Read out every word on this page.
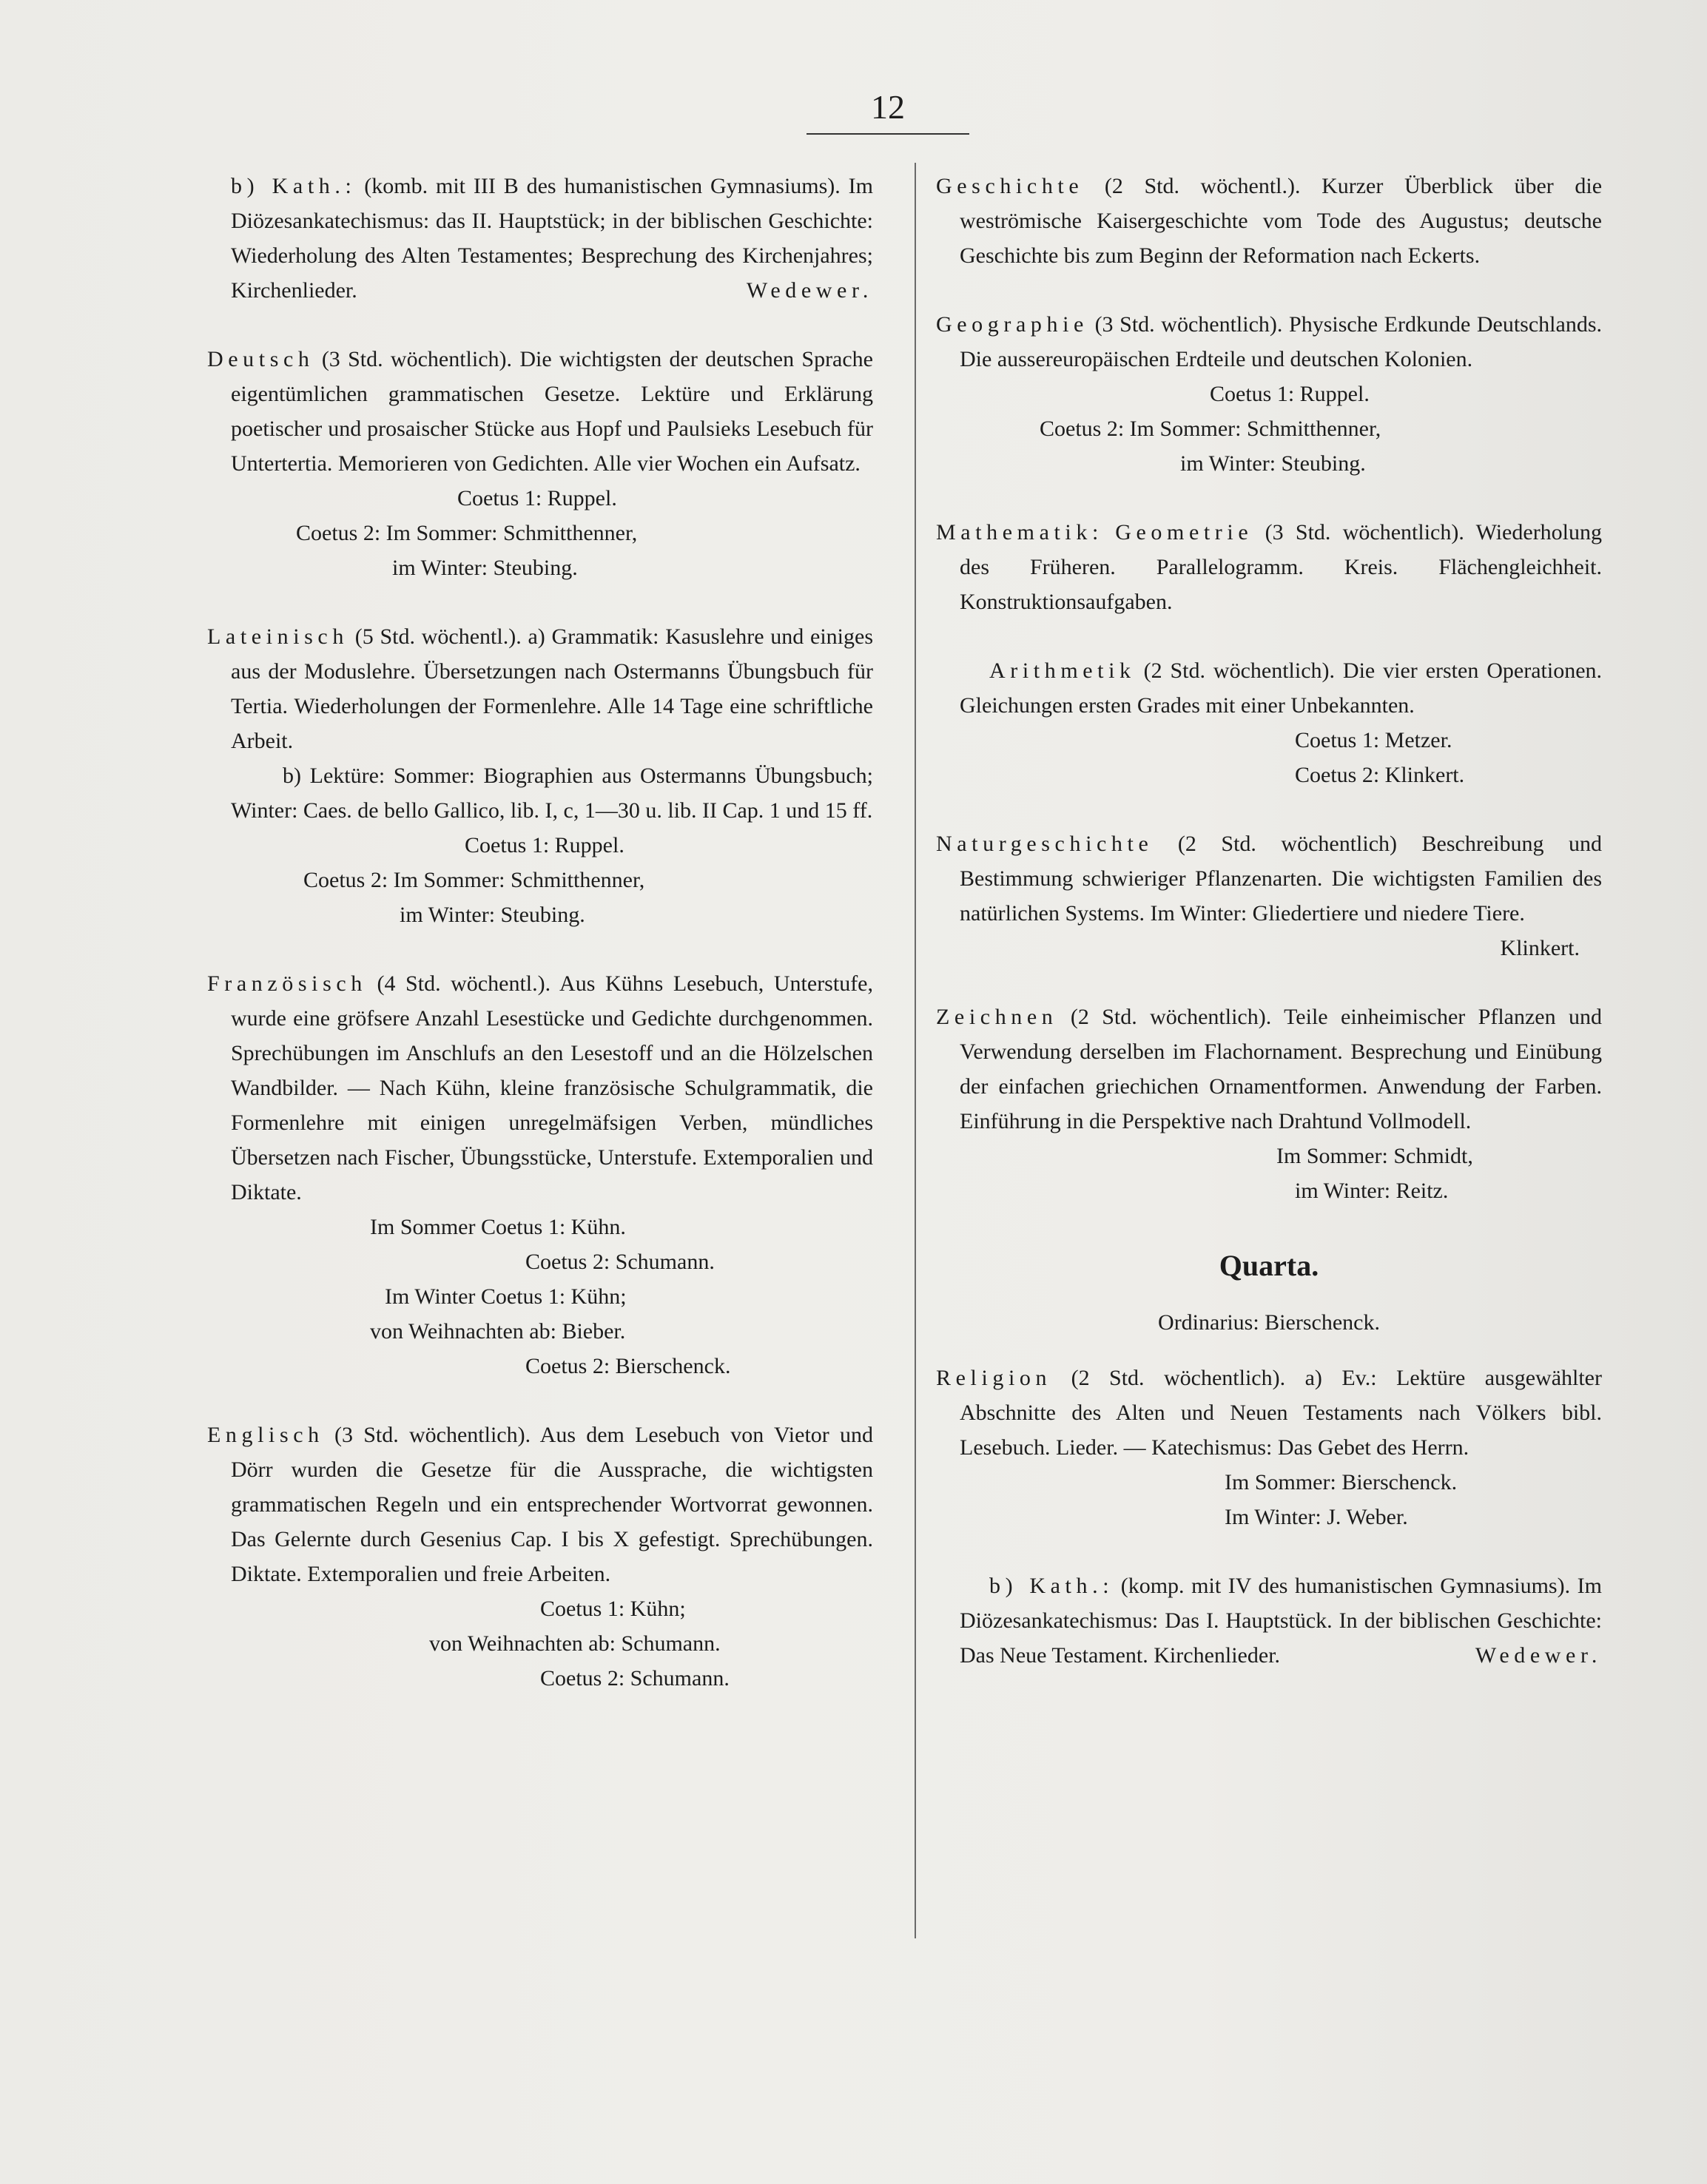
12
b) Kath.: (komb. mit III B des humanistischen Gymnasiums). Im Diözesankatechismus: das II. Hauptstück; in der biblischen Geschichte: Wiederholung des Alten Testamentes; Besprechung des Kirchenjahres; Kirchenlieder.	Wedewer.
Deutsch (3 Std. wöchentlich). Die wichtigsten der deutschen Sprache eigentümlichen grammatischen Gesetze. Lektüre und Erklärung poetischer und prosaischer Stücke aus Hopf und Paulsieks Lesebuch für Untertertia. Memorieren von Gedichten. Alle vier Wochen ein Aufsatz.
Coetus 1: Ruppel.
Coetus 2: Im Sommer: Schmitthenner,
im Winter: Steubing.
Lateinisch (5 Std. wöchentl.). a) Grammatik: Kasuslehre und einiges aus der Moduslehre. Übersetzungen nach Ostermanns Übungsbuch für Tertia. Wiederholungen der Formenlehre. Alle 14 Tage eine schriftliche Arbeit.
b) Lektüre: Sommer: Biographien aus Ostermanns Übungsbuch; Winter: Caes. de bello Gallico, lib. I, c, 1—30 u. lib. II Cap. 1 und 15 ff.
Coetus 1: Ruppel.
Coetus 2: Im Sommer: Schmitthenner,
im Winter: Steubing.
Französisch (4 Std. wöchentl.). Aus Kühns Lesebuch, Unterstufe, wurde eine gröfsere Anzahl Lesestücke und Gedichte durchgenommen. Sprechübungen im Anschlufs an den Lesestoff und an die Hölzelschen Wandbilder. — Nach Kühn, kleine französische Schulgrammatik, die Formenlehre mit einigen unregelmäfsigen Verben, mündliches Übersetzen nach Fischer, Übungsstücke, Unterstufe. Extemporalien und Diktate.
Im Sommer Coetus 1: Kühn.
Coetus 2: Schumann.
Im Winter Coetus 1: Kühn;
von Weihnachten ab: Bieber.
Coetus 2: Bierschenck.
Englisch (3 Std. wöchentlich). Aus dem Lesebuch von Vietor und Dörr wurden die Gesetze für die Aussprache, die wichtigsten grammatischen Regeln und ein entsprechender Wortvorrat gewonnen. Das Gelernte durch Gesenius Cap. I bis X gefestigt. Sprechübungen. Diktate. Extemporalien und freie Arbeiten.
Coetus 1: Kühn;
von Weihnachten ab: Schumann.
Coetus 2: Schumann.
Geschichte (2 Std. wöchentl.). Kurzer Überblick über die weströmische Kaisergeschichte vom Tode des Augustus; deutsche Geschichte bis zum Beginn der Reformation nach Eckerts.
Geographie (3 Std. wöchentlich). Physische Erdkunde Deutschlands. Die aussereuropäischen Erdteile und deutschen Kolonien.
Coetus 1: Ruppel.
Coetus 2: Im Sommer: Schmitthenner,
im Winter: Steubing.
Mathematik: Geometrie (3 Std. wöchentlich). Wiederholung des Früheren. Parallelogramm. Kreis. Flächengleichheit. Konstruktionsaufgaben.
Arithmetik (2 Std. wöchentlich). Die vier ersten Operationen. Gleichungen ersten Grades mit einer Unbekannten.
Coetus 1: Metzer.
Coetus 2: Klinkert.
Naturgeschichte (2 Std. wöchentlich) Beschreibung und Bestimmung schwieriger Pflanzenarten. Die wichtigsten Familien des natürlichen Systems. Im Winter: Gliedertiere und niedere Tiere.
Klinkert.
Zeichnen (2 Std. wöchentlich). Teile einheimischer Pflanzen und Verwendung derselben im Flachornament. Besprechung und Einübung der einfachen griechichen Ornamentformen. Anwendung der Farben. Einführung in die Perspektive nach Drahtund Vollmodell.
Im Sommer: Schmidt,
im Winter: Reitz.
Quarta.
Ordinarius: Bierschenck.
Religion (2 Std. wöchentlich). a) Ev.: Lektüre ausgewählter Abschnitte des Alten und Neuen Testaments nach Völkers bibl. Lesebuch. Lieder. — Katechismus: Das Gebet des Herrn.
Im Sommer: Bierschenck.
Im Winter: J. Weber.
b) Kath.: (komp. mit IV des humanistischen Gymnasiums). Im Diözesankatechismus: Das I. Hauptstück. In der biblischen Geschichte: Das Neue Testament. Kirchenlieder.	Wedewer.
